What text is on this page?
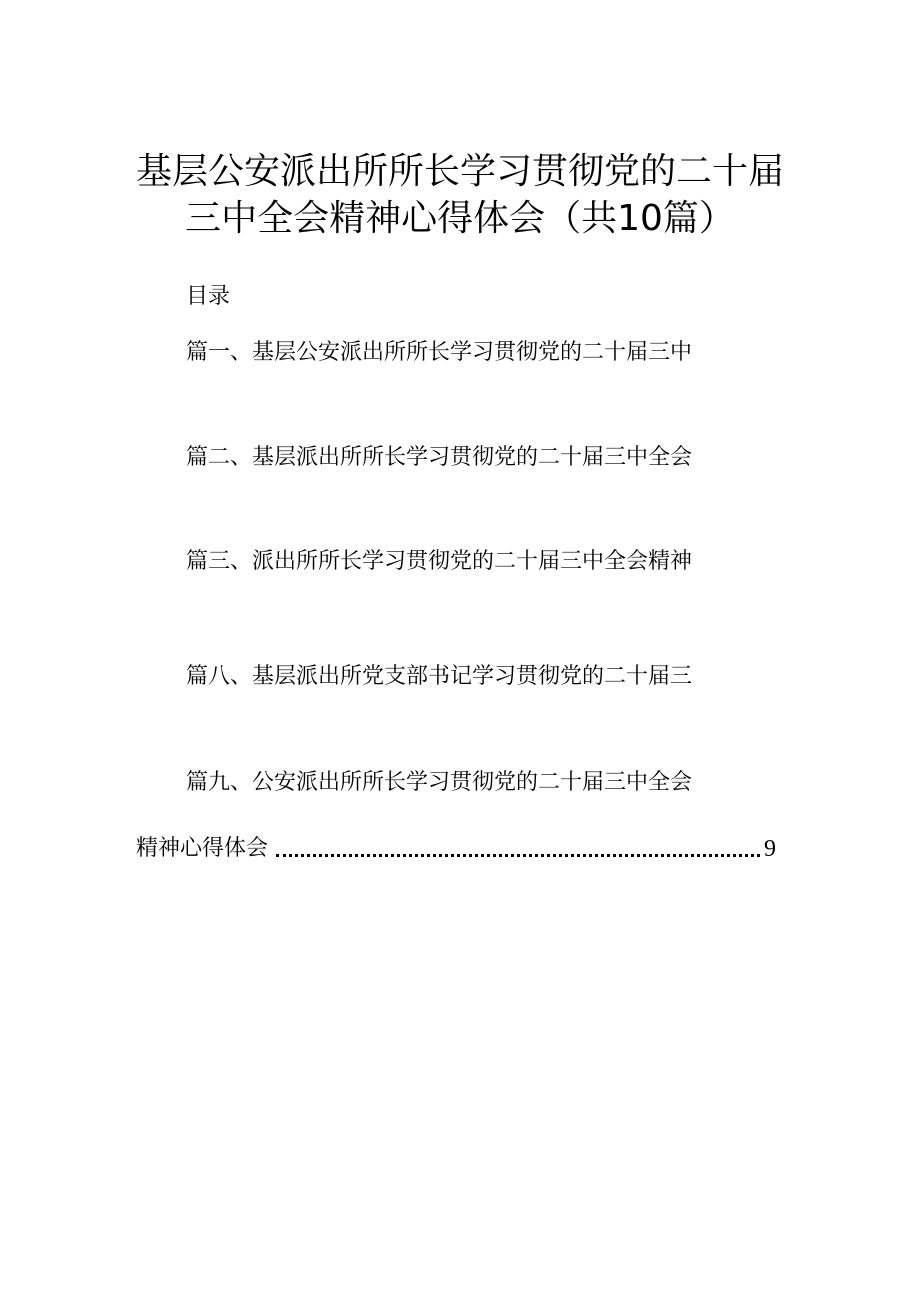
基层公安派出所所长学习贯彻党的二十届
三中全会精神心得体会（共10篇）
目录
篇一、基层公安派出所所长学习贯彻党的二十届三中
篇二、基层派出所所长学习贯彻党的二十届三中全会
篇三、派出所所长学习贯彻党的二十届三中全会精神
篇八、基层派出所党支部书记学习贯彻党的二十届三
篇九、公安派出所所长学习贯彻党的二十届三中全会
精神心得体会	9
